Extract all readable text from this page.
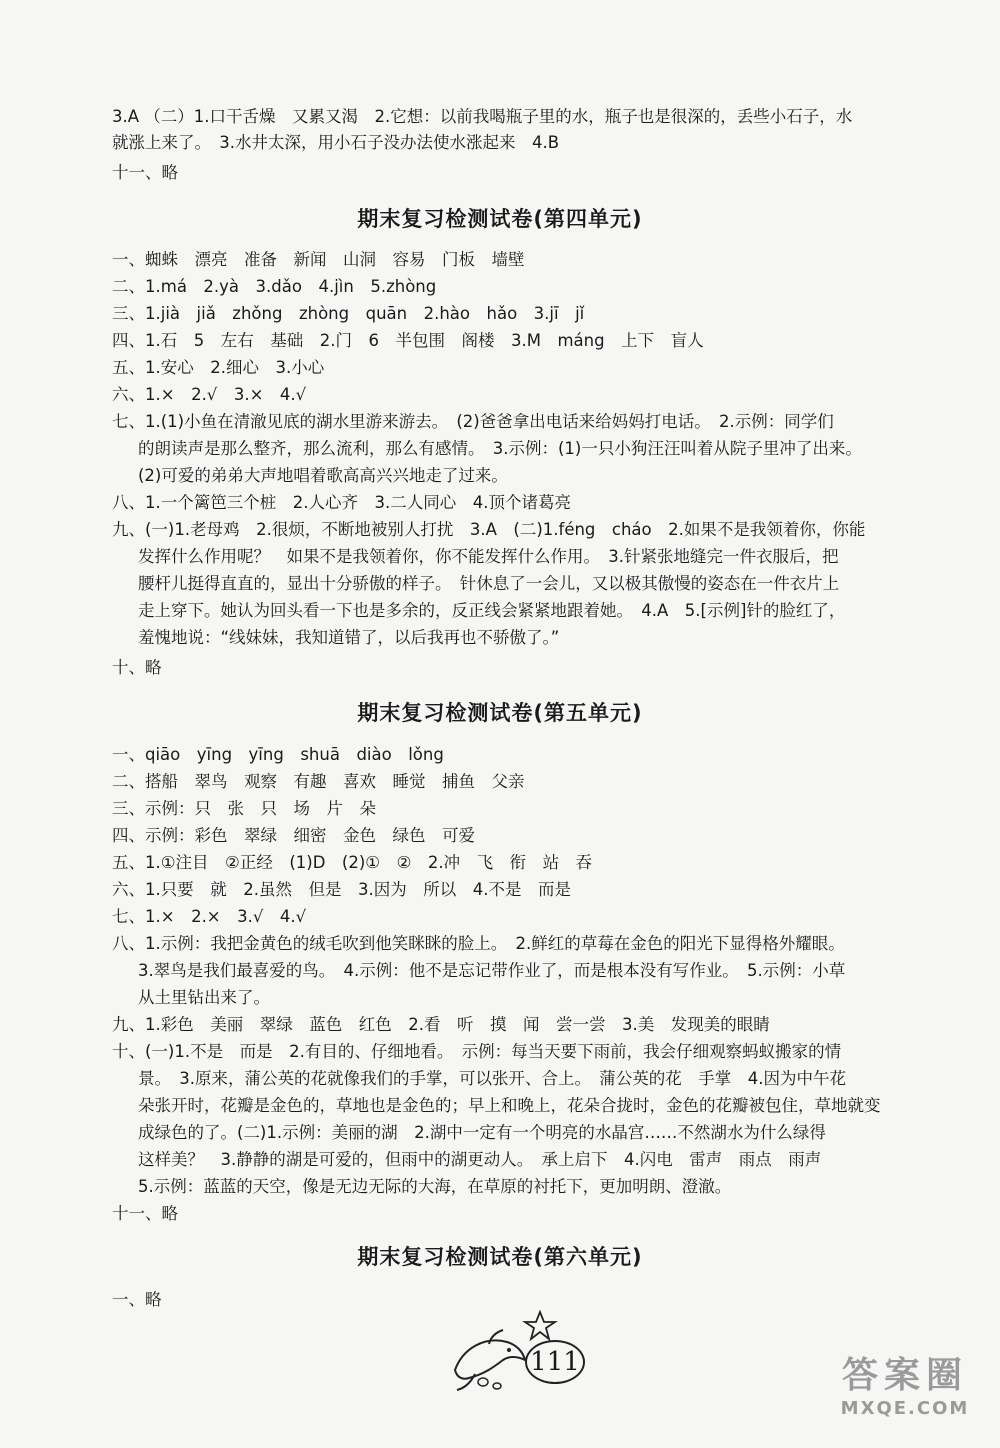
3.A （二）1.口干舌燥　又累又渴　2.它想：以前我喝瓶子里的水，瓶子也是很深的，丢些小石子，水
就涨上来了。　3.水井太深，用小石子没办法使水涨起来　4.B
十一、略
期末复习检测试卷(第四单元)
一、蜘蛛　漂亮　准备　新闻　山洞　容易　门板　墙壁
二、1.má　2.yà　3.dǎo　4.jìn　5.zhòng
三、1.jià　jiǎ　zhǒng　zhòng　quān　2.hào　hǎo　3.jī　jǐ
四、1.石　5　左右　基础　2.门　6　半包围　阁楼　3.M　máng　上下　盲人
五、1.安心　2.细心　3.小心
六、1.×　2.√　3.×　4.√
七、1.(1)小鱼在清澈见底的湖水里游来游去。　(2)爸爸拿出电话来给妈妈打电话。　2.示例：同学们
的朗读声是那么整齐，那么流利，那么有感情。　3.示例：(1)一只小狗汪汪叫着从院子里冲了出来。
(2)可爱的弟弟大声地唱着歌高高兴兴地走了过来。
八、1.一个篱笆三个桩　2.人心齐　3.二人同心　4.顶个诸葛亮
九、(一)1.老母鸡　2.很烦，不断地被别人打扰　3.A　(二)1.féng　cháo　2.如果不是我领着你，你能
发挥什么作用呢？　如果不是我领着你，你不能发挥什么作用。　3.针紧张地缝完一件衣服后，把
腰杆儿挺得直直的，显出十分骄傲的样子。　针休息了一会儿，又以极其傲慢的姿态在一件衣片上
走上穿下。她认为回头看一下也是多余的，反正线会紧紧地跟着她。　4.A　5.[示例]针的脸红了，
羞愧地说：“线妹妹，我知道错了，以后我再也不骄傲了。”
十、略
期末复习检测试卷(第五单元)
一、qiāo　yīng　yīng　shuā　diào　lǒng
二、搭船　翠鸟　观察　有趣　喜欢　睡觉　捕鱼　父亲
三、示例：只　张　只　场　片　朵
四、示例：彩色　翠绿　细密　金色　绿色　可爱
五、1.①注目　②正经　(1)D　(2)①　②　2.冲　飞　衔　站　吞
六、1.只要　就　2.虽然　但是　3.因为　所以　4.不是　而是
七、1.×　2.×　3.√　4.√
八、1.示例：我把金黄色的绒毛吹到他笑眯眯的脸上。　2.鲜红的草莓在金色的阳光下显得格外耀眼。
3.翠鸟是我们最喜爱的鸟。　4.示例：他不是忘记带作业了，而是根本没有写作业。　5.示例：小草
从土里钻出来了。
九、1.彩色　美丽　翠绿　蓝色　红色　2.看　听　摸　闻　尝一尝　3.美　发现美的眼睛
十、(一)1.不是　而是　2.有目的、仔细地看。　示例：每当天要下雨前，我会仔细观察蚂蚁搬家的情
景。　3.原来，蒲公英的花就像我们的手掌，可以张开、合上。　蒲公英的花　手掌　4.因为中午花
朵张开时，花瓣是金色的，草地也是金色的；早上和晚上，花朵合拢时，金色的花瓣被包住，草地就变
成绿色的了。(二)1.示例：美丽的湖　2.湖中一定有一个明亮的水晶宫……不然湖水为什么绿得
这样美？　3.静静的湖是可爱的，但雨中的湖更动人。　承上启下　4.闪电　雷声　雨点　雨声
5.示例：蓝蓝的天空，像是无边无际的大海，在草原的衬托下，更加明朗、澄澈。
十一、略
期末复习检测试卷(第六单元)
一、略
111	答案圈
MXQE.COM
